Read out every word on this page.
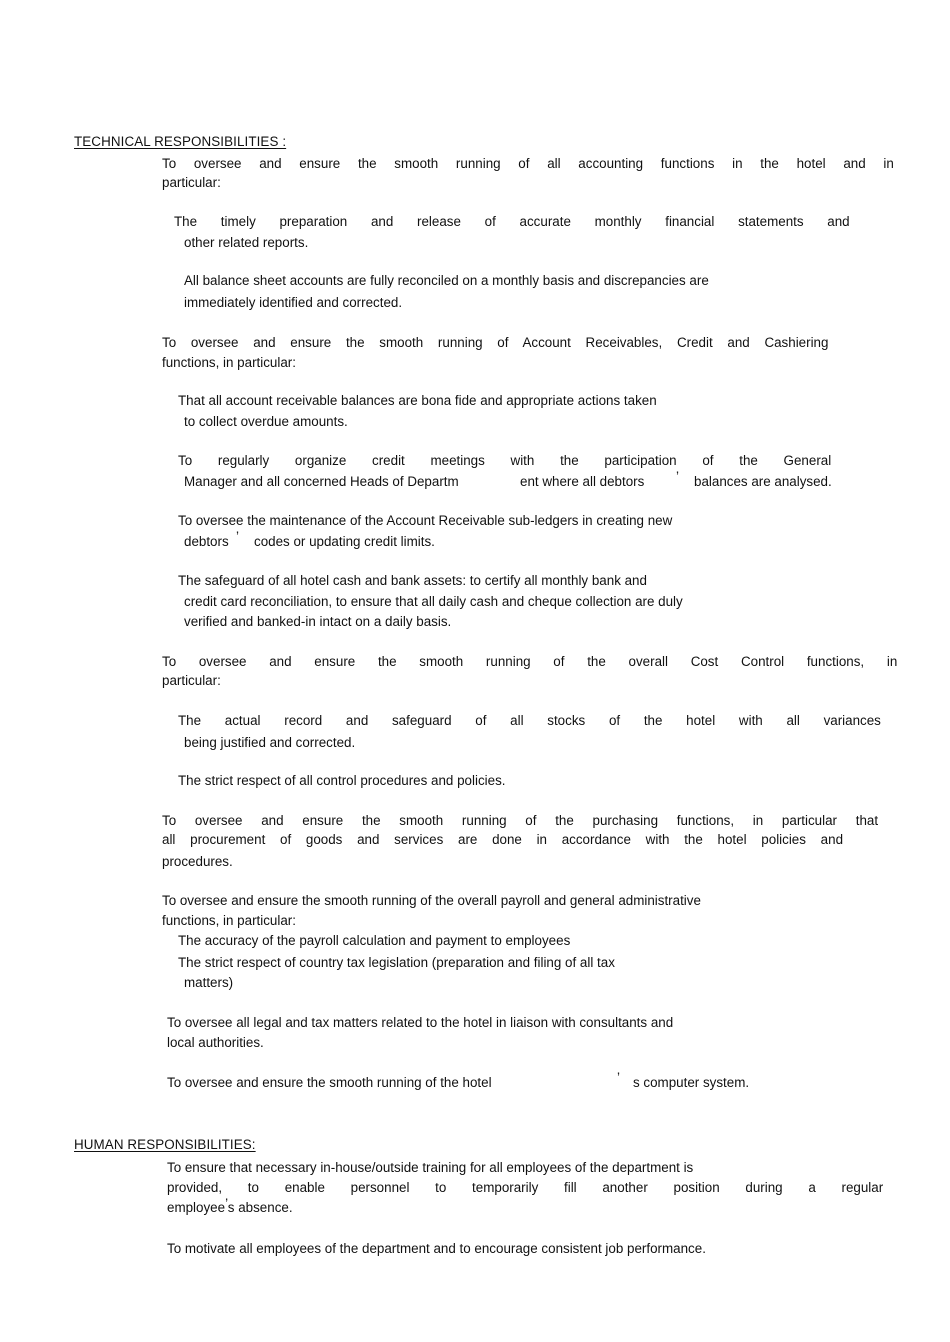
TECHNICAL RESPONSIBILITIES :
To oversee and ensure the smooth running of all accounting functions in the hotel and in
particular:
The timely preparation and release of accurate monthly financial statements and
other related reports.
All balance sheet accounts are fully reconciled on a monthly basis and discrepancies are
immediately identified and corrected.
To oversee and ensure the smooth running of Account Receivables, Credit and Cashiering
functions, in particular:
That all account receivable balances are bona fide and appropriate actions taken
to collect overdue amounts.
To regularly organize credit meetings with the participation of the General
Manager and all concerned Heads of Departm	ent where all debtors ’ balances are analysed.
To oversee the maintenance of the Account Receivable sub-ledgers in creating new
debtors ’ codes or updating credit limits.
The safeguard of all hotel cash and bank assets: to certify all monthly bank and
credit card reconciliation, to ensure that all daily cash and cheque collection are duly
verified and banked-in intact on a daily basis.
To oversee and ensure the smooth running of the overall Cost Control functions, in
particular:
The actual record and safeguard of all stocks of the hotel with all variances
being justified and corrected.
The strict respect of all control procedures and policies.
To oversee and ensure the smooth running of the purchasing functions, in particular that
all procurement of goods and services are done in accordance with the hotel policies and
procedures.
To oversee and ensure the smooth running of the overall payroll and general administrative
functions, in particular:
The accuracy of the payroll calculation and payment to employees
The strict respect of country tax legislation (preparation and filing of all tax
matters)
To oversee all legal and tax matters related to the hotel in liaison with consultants and
local authorities.
To oversee and ensure the smooth running of the hotel	’ s computer system.
HUMAN RESPONSIBILITIES:
To ensure that necessary in-house/outside training for all employees of the department is
provided, to enable personnel to temporarily fill another position during a regular
employee’s absence.
To motivate all employees of the department and to encourage consistent job performance.
